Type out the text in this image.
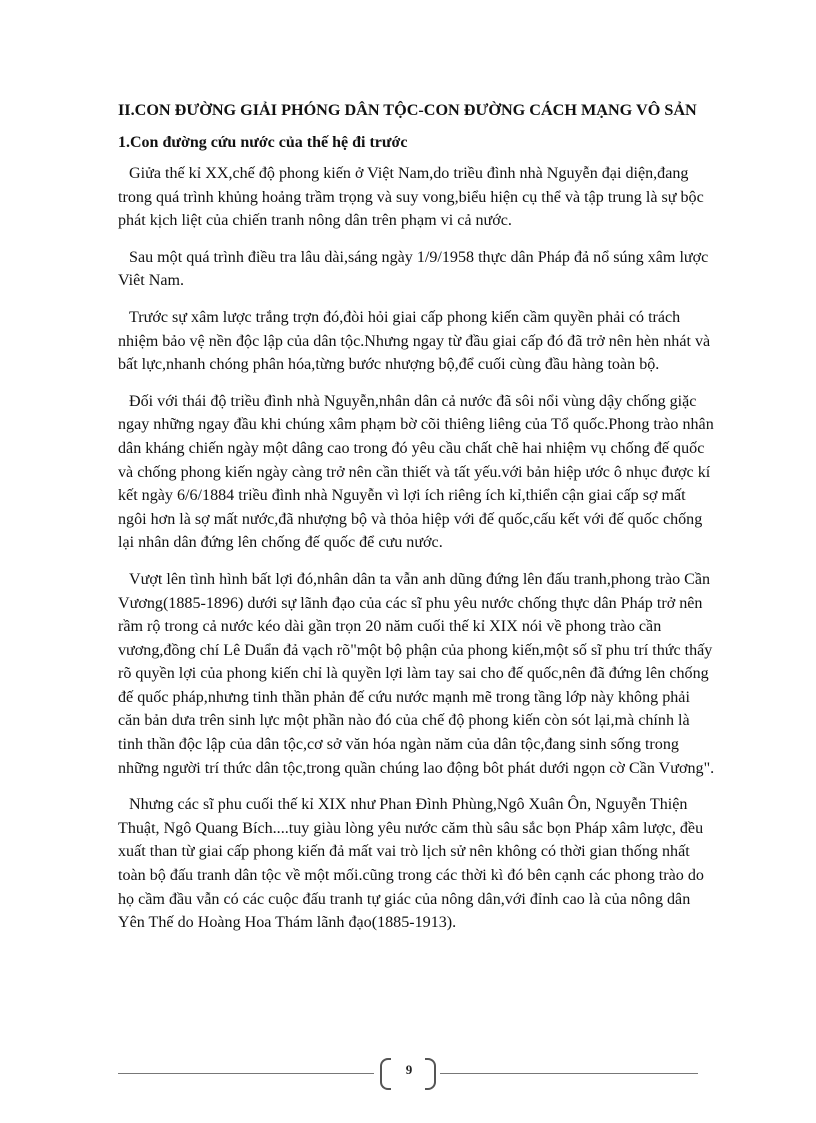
II.CON ĐƯỜNG GIẢI PHÓNG DÂN TỘC-CON ĐƯỜNG CÁCH MẠNG VÔ SẢN
1.Con đường cứu nước của thế hệ đi trước

Giửa thế kỉ XX,chế độ phong kiến ở Việt Nam,do triều đình nhà Nguyễn đại diện,đang trong quá trình khủng hoảng trầm trọng và suy vong,biểu hiện cụ thể và tập trung là sự bộc phát kịch liệt của chiến tranh nông dân trên phạm vi cả nước.

Sau một quá trình điều tra lâu dài,sáng ngày 1/9/1958 thực dân Pháp đả nổ súng xâm lược Viêt Nam.

Trước sự xâm lược trắng trợn đó,đòi hỏi giai cấp phong kiến cầm quyền phải có trách nhiệm bảo vệ nền độc lập của dân tộc.Nhưng ngay từ đầu giai cấp đó đã trở nên hèn nhát và bất lực,nhanh chóng phân hóa,từng bước nhượng bộ,để cuối cùng đầu hàng toàn bộ.

Đối với thái độ triều đình nhà Nguyễn,nhân dân cả nước đã sôi nổi vùng dậy chống giặc ngay những ngay đầu khi chúng xâm phạm bờ cõi thiêng liêng của Tổ quốc.Phong trào nhân dân kháng chiến ngày một dâng cao trong đó yêu cầu chất chẽ hai nhiệm vụ chống đế quốc và chống phong kiến ngày càng trở nên cần thiết và tất yếu.với bản hiệp ước ô nhục được kí kết ngày 6/6/1884 triều đình nhà Nguyễn vì lợi ích riêng ích kỉ,thiển cận giai cấp sợ mất ngôi hơn là sợ mất nước,đã nhượng bộ và thỏa hiệp với đế quốc,cấu kết với đế quốc chống lại nhân dân đứng lên chống đế quốc để cưu nước.

Vượt lên tình hình bất lợi đó,nhân dân ta vẫn anh dũng đứng lên đấu tranh,phong trào Cần Vương(1885-1896) dưới sự lãnh đạo của các sĩ phu yêu nước chống thực dân Pháp trở nên rầm rộ trong cả nước kéo dài gần trọn 20 năm cuối thế kỉ XIX nói về phong trào cần vương,đồng chí Lê Duẩn đả vạch rõ"một bộ phận của phong kiến,một số sĩ phu trí thức thấy rõ quyền lợi của phong kiến chỉ là quyền lợi làm tay sai cho đế quốc,nên đã đứng lên chống đế quốc pháp,nhưng tinh thần phản đế cứu nước mạnh mẽ trong tầng lớp này không phải căn bản dưa trên sinh lực một phần nào đó của chế độ phong kiến còn sót lại,mà chính là tinh thần độc lập của dân tộc,cơ sở văn hóa ngàn năm của dân tộc,đang sinh sống trong những người trí thức dân tộc,trong quần chúng lao động bôt phát dưới ngọn cờ Cần Vương".

Nhưng các sĩ phu cuối thế kỉ XIX như Phan Đình Phùng,Ngô Xuân Ôn, Nguyễn Thiện Thuật, Ngô Quang Bích....tuy giàu lòng yêu nước căm thù sâu sắc bọn Pháp xâm lược, đều xuất than từ giai cấp phong kiến đả mất vai trò lịch sử nên không có thời gian thống nhất toàn bộ đấu tranh dân tộc về một mối.cũng trong các thời kì đó bên cạnh các phong trào do họ cầm đầu vẫn có các cuộc đấu tranh tự giác của nông dân,với đỉnh cao là của nông dân Yên Thế do Hoàng Hoa Thám lãnh đạo(1885-1913).

9
